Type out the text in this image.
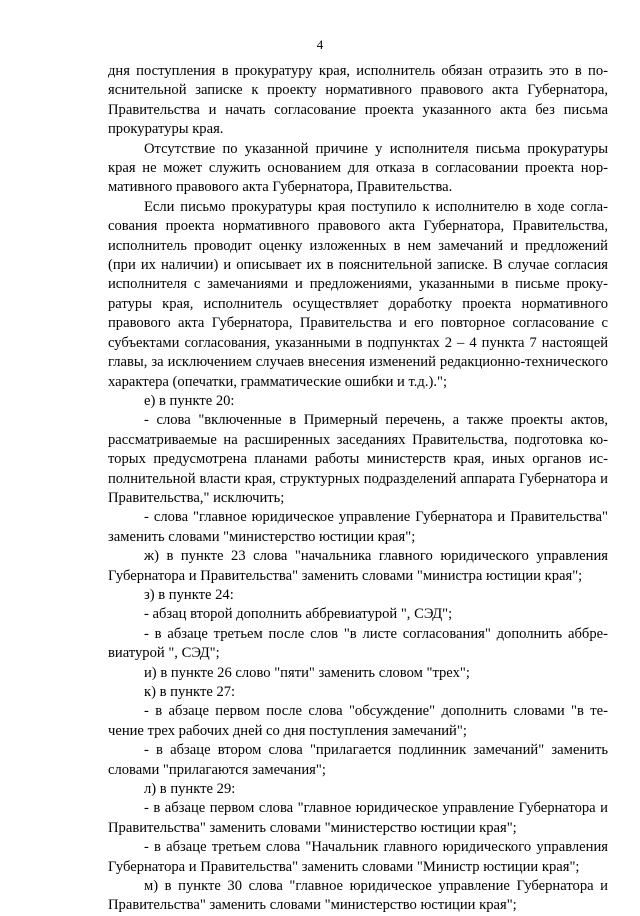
4

дня поступления в прокуратуру края, исполнитель обязан отразить это в пояснительной записке к проекту нормативного правового акта Губернатора, Правительства и начать согласование проекта указанного акта без письма прокуратуры края.

Отсутствие по указанной причине у исполнителя письма прокуратуры края не может служить основанием для отказа в согласовании проекта нормативного правового акта Губернатора, Правительства.

Если письмо прокуратуры края поступило к исполнителю в ходе согласования проекта нормативного правового акта Губернатора, Правительства, исполнитель проводит оценку изложенных в нем замечаний и предложений (при их наличии) и описывает их в пояснительной записке. В случае согласия исполнителя с замечаниями и предложениями, указанными в письме прокуратуры края, исполнитель осуществляет доработку проекта нормативного правового акта Губернатора, Правительства и его повторное согласование с субъектами согласования, указанными в подпунктах 2 – 4 пункта 7 настоящей главы, за исключением случаев внесения изменений редакционно-технического характера (опечатки, грамматические ошибки и т.д.).";

е) в пункте 20:

- слова "включенные в Примерный перечень, а также проекты актов, рассматриваемые на расширенных заседаниях Правительства, подготовка которых предусмотрена планами работы министерств края, иных органов исполнительной власти края, структурных подразделений аппарата Губернатора и Правительства," исключить;

- слова "главное юридическое управление Губернатора и Правительства" заменить словами "министерство юстиции края";

ж) в пункте 23 слова "начальника главного юридического управления Губернатора и Правительства" заменить словами "министра юстиции края";

з) в пункте 24:

- абзац второй дополнить аббревиатурой ", СЭД";

- в абзаце третьем после слов "в листе согласования" дополнить аббревиатурой ", СЭД";

и) в пункте 26 слово "пяти" заменить словом "трех";

к) в пункте 27:

- в абзаце первом после слова "обсуждение" дополнить словами "в течение трех рабочих дней со дня поступления замечаний";

- в абзаце втором слова "прилагается подлинник замечаний" заменить словами "прилагаются замечания";

л) в пункте 29:

- в абзаце первом слова "главное юридическое управление Губернатора и Правительства" заменить словами "министерство юстиции края";

- в абзаце третьем слова "Начальник главного юридического управления Губернатора и Правительства" заменить словами "Министр юстиции края";

м) в пункте 30 слова "главное юридическое управление Губернатора и Правительства" заменить словами "министерство юстиции края";
